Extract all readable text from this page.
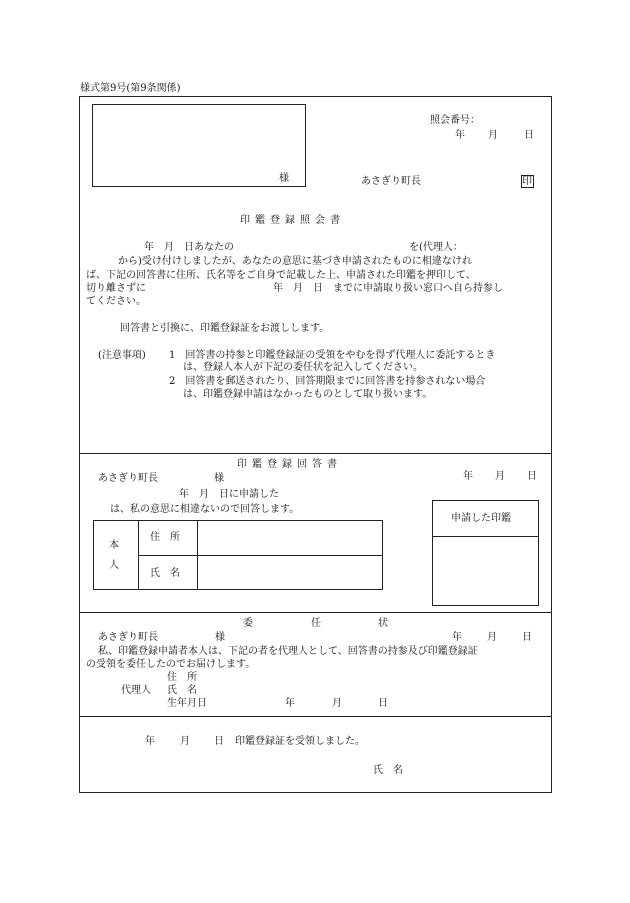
様式第9号(第9条関係)
様
照会番号：
年 月	日
あさぎり町長	印
印鑑登録照会書
年　月　日あなたの	を(代理人：
から)受け付けしましたが、あなたの意思に基づき申請されたものに相違なけれ
ば、下記の回答書に住所、氏名等をご自身で記載した上、申請された印鑑を押印して、
切り離さずに	年　月　日　までに申請取り扱い窓口へ自ら持参し
てください。
回答書と引換に、印鑑登録証をお渡しします。
(注意事項) 1　回答書の持参と印鑑登録証の受領をやむを得ず代理人に委託するとき
は、登録人本人が下記の委任状を記入してください。
2　回答書を郵送されたり、回答期限までに回答書を持参されない場合
は、印鑑登録申請はなかったものとして取り扱います。
印鑑登録回答書
あさぎり町長	様	年 月 日
年　月　日に申請した
は、私の意思に相違ないので回答します。
本
人
住　所
氏　名
申請した印鑑
委	任	状
あさぎり町長	様	年	月	日
私、印鑑登録申請者本人は、下記の者を代理人として、回答書の持参及び印鑑登録証
の受領を委任したのでお届けします。
住　所
代理人 氏　名
生年月日	年	月	日
年	月 日 印鑑登録証を受領しました。
氏　名
